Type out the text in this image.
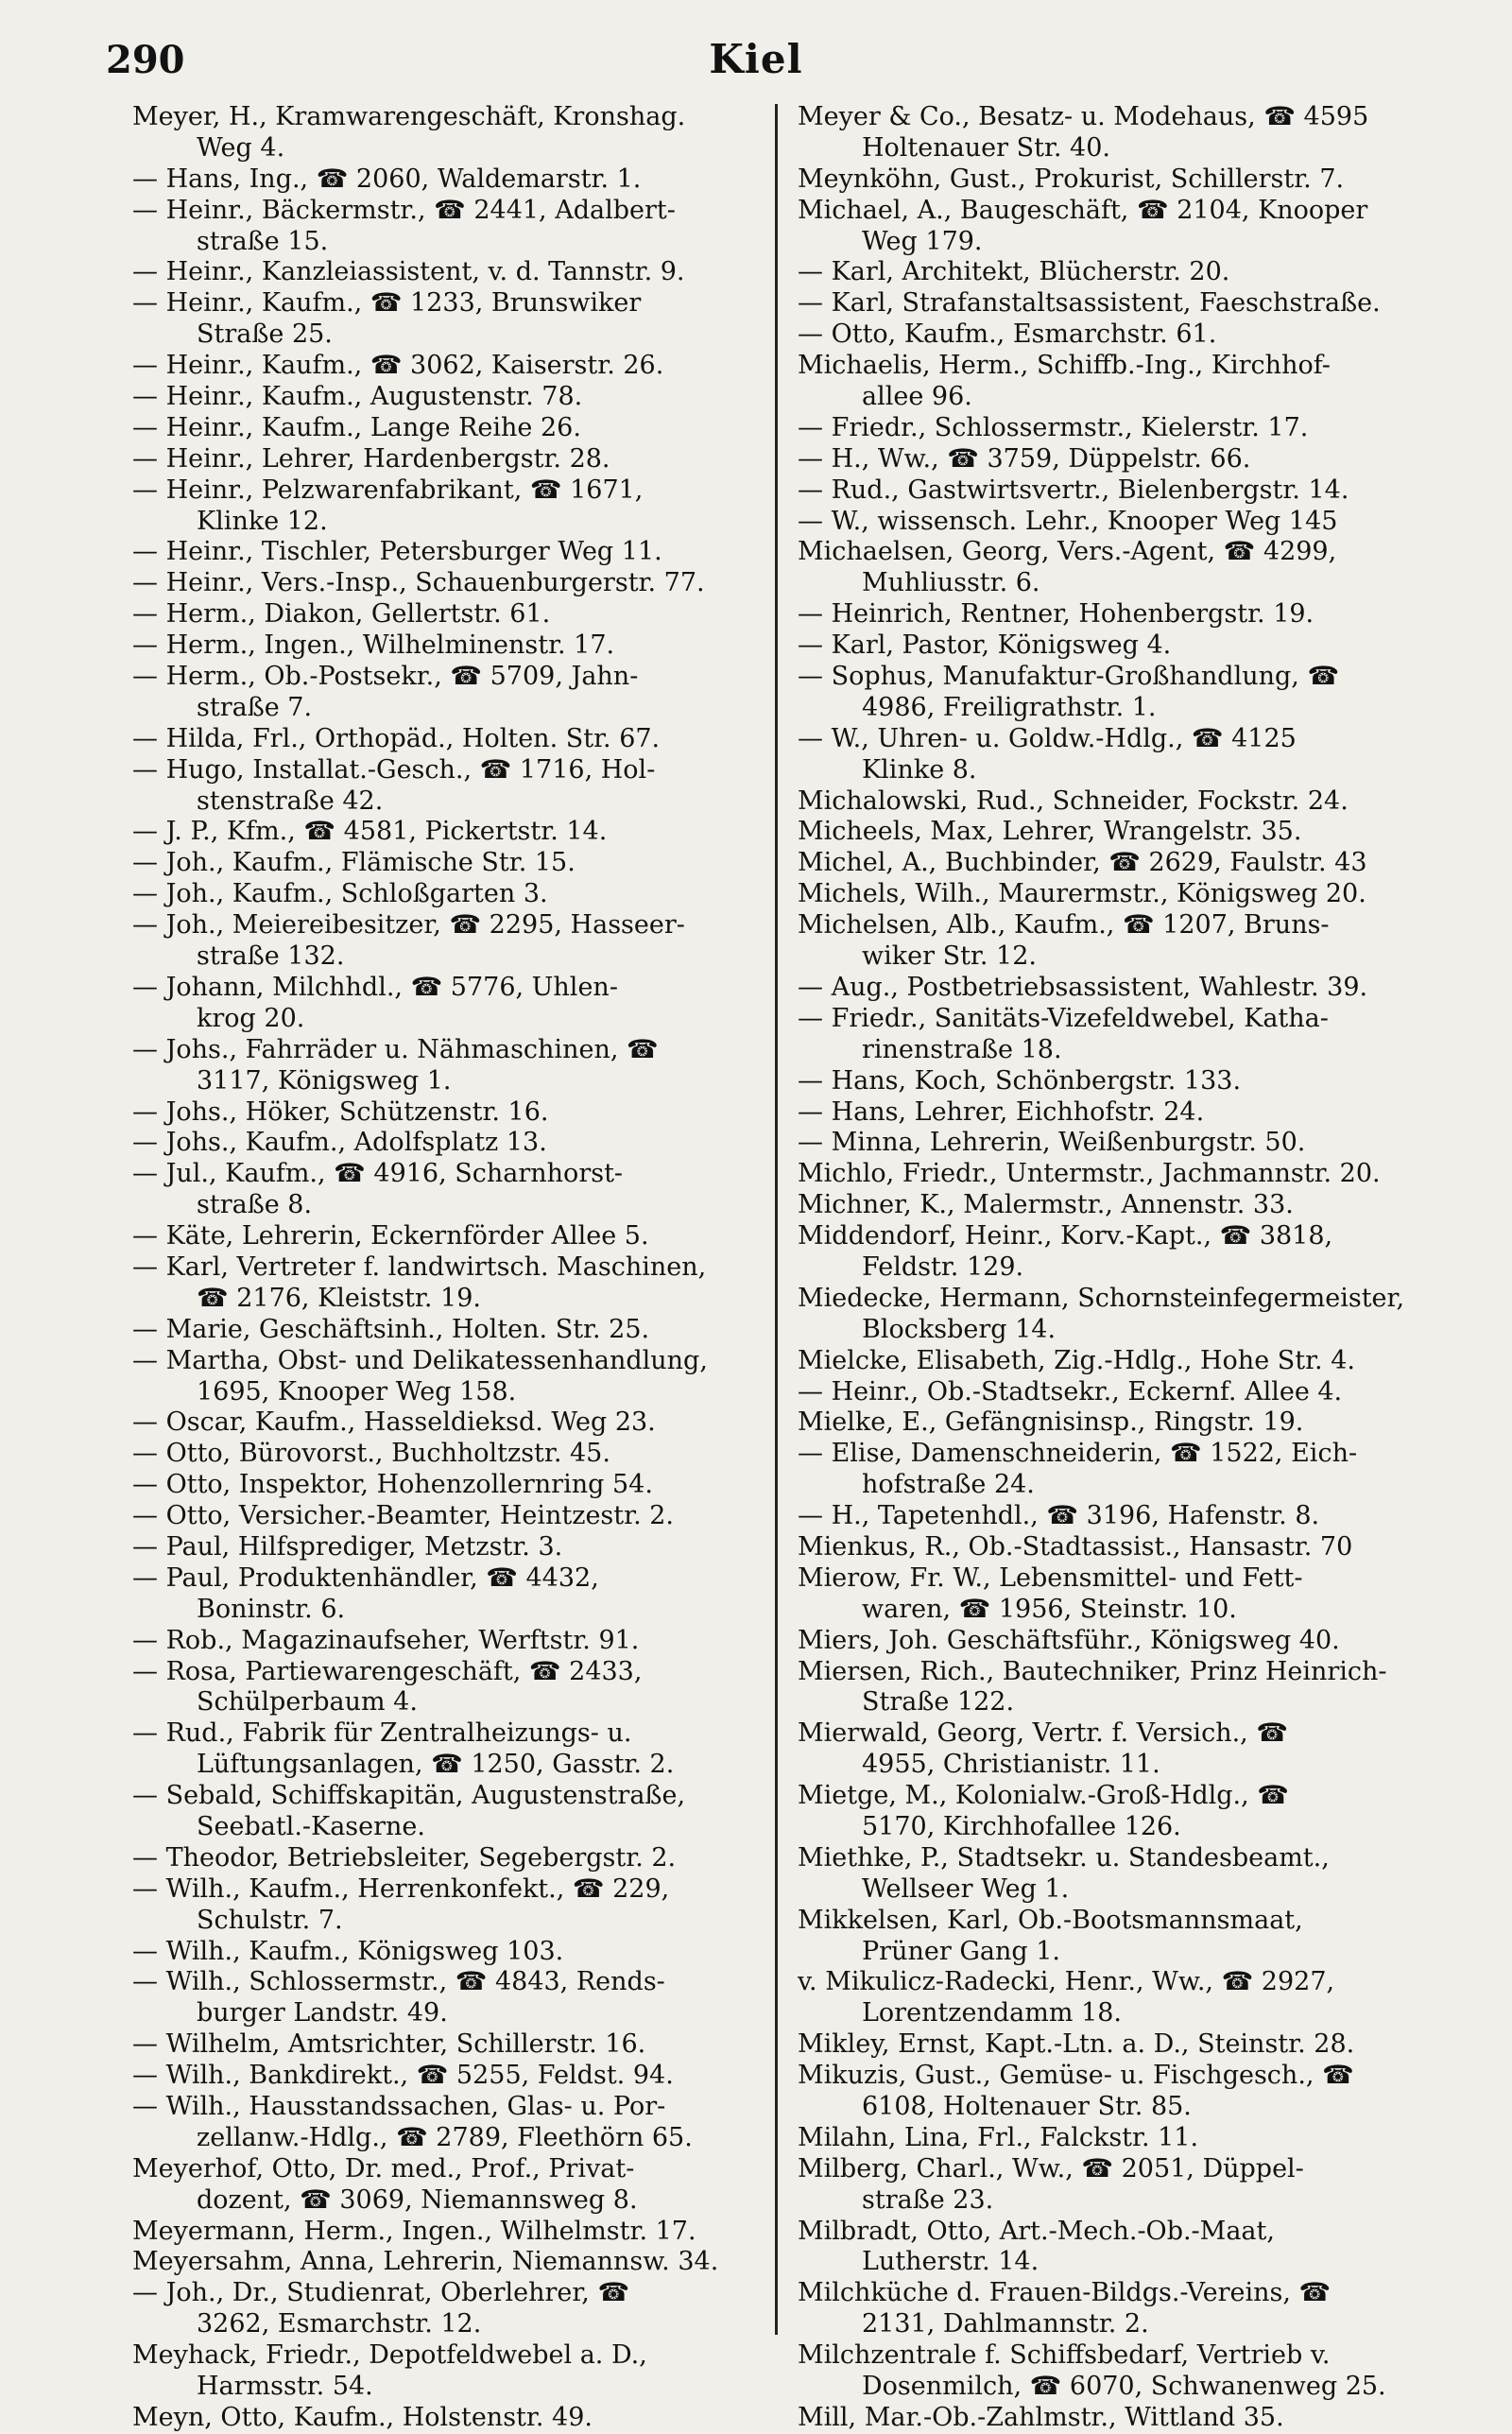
290	Kiel
Meyer, H., Kramwarengeschäft, Kronshag.
Weg 4.
— Hans, Ing., ☎ 2060, Waldemarstr. 1.
— Heinr., Bäckermstr., ☎ 2441, Adalbert-
straße 15.
— Heinr., Kanzleiassistent, v. d. Tannstr. 9.
— Heinr., Kaufm., ☎ 1233, Brunswiker
Straße 25.
— Heinr., Kaufm., ☎ 3062, Kaiserstr. 26.
— Heinr., Kaufm., Augustenstr. 78.
— Heinr., Kaufm., Lange Reihe 26.
— Heinr., Lehrer, Hardenbergstr. 28.
— Heinr., Pelzwarenfabrikant, ☎ 1671,
Klinke 12.
— Heinr., Tischler, Petersburger Weg 11.
— Heinr., Vers.-Insp., Schauenburgerstr. 77.
— Herm., Diakon, Gellertstr. 61.
— Herm., Ingen., Wilhelminenstr. 17.
— Herm., Ob.-Postsekr., ☎ 5709, Jahn-
straße 7.
— Hilda, Frl., Orthopäd., Holten. Str. 67.
— Hugo, Installat.-Gesch., ☎ 1716, Hol-
stenstraße 42.
— J. P., Kfm., ☎ 4581, Pickertstr. 14.
— Joh., Kaufm., Flämische Str. 15.
— Joh., Kaufm., Schloßgarten 3.
— Joh., Meiereibesitzer, ☎ 2295, Hasseer-
straße 132.
— Johann, Milchhdl., ☎ 5776, Uhlen-
krog 20.
— Johs., Fahrräder u. Nähmaschinen, ☎
3117, Königsweg 1.
— Johs., Höker, Schützenstr. 16.
— Johs., Kaufm., Adolfsplatz 13.
— Jul., Kaufm., ☎ 4916, Scharnhorst-
straße 8.
— Käte, Lehrerin, Eckernförder Allee 5.
— Karl, Vertreter f. landwirtsch. Maschinen,
☎ 2176, Kleiststr. 19.
— Marie, Geschäftsinh., Holten. Str. 25.
— Martha, Obst- und Delikatessenhandlung,
1695, Knooper Weg 158.
— Oscar, Kaufm., Hasseldieksd. Weg 23.
— Otto, Bürovorst., Buchholtzstr. 45.
— Otto, Inspektor, Hohenzollernring 54.
— Otto, Versicher.-Beamter, Heintzestr. 2.
— Paul, Hilfsprediger, Metzstr. 3.
— Paul, Produktenhändler, ☎ 4432,
Boninstr. 6.
— Rob., Magazinaufseher, Werftstr. 91.
— Rosa, Partiewarengeschäft, ☎ 2433,
Schülperbaum 4.
— Rud., Fabrik für Zentralheizungs- u.
Lüftungsanlagen, ☎ 1250, Gasstr. 2.
— Sebald, Schiffskapitän, Augustenstraße,
Seebatl.-Kaserne.
— Theodor, Betriebsleiter, Segebergstr. 2.
— Wilh., Kaufm., Herrenkonfekt., ☎ 229,
Schulstr. 7.
— Wilh., Kaufm., Königsweg 103.
— Wilh., Schlossermstr., ☎ 4843, Rends-
burger Landstr. 49.
— Wilhelm, Amtsrichter, Schillerstr. 16.
— Wilh., Bankdirekt., ☎ 5255, Feldst. 94.
— Wilh., Hausstandssachen, Glas- u. Por-
zellanw.-Hdlg., ☎ 2789, Fleethörn 65.
Meyerhof, Otto, Dr. med., Prof., Privat-
dozent, ☎ 3069, Niemannsweg 8.
Meyermann, Herm., Ingen., Wilhelmstr. 17.
Meyersahm, Anna, Lehrerin, Niemannsw. 34.
— Joh., Dr., Studienrat, Oberlehrer, ☎
3262, Esmarchstr. 12.
Meyhack, Friedr., Depotfeldwebel a. D.,
Harmsstr. 54.
Meyn, Otto, Kaufm., Holstenstr. 49.
Meyer & Co., Besatz- u. Modehaus, ☎ 4595
Holtenauer Str. 40.
Meynköhn, Gust., Prokurist, Schillerstr. 7.
Michael, A., Baugeschäft, ☎ 2104, Knooper
Weg 179.
— Karl, Architekt, Blücherstr. 20.
— Karl, Strafanstaltsassistent, Faeschstraße.
— Otto, Kaufm., Esmarchstr. 61.
Michaelis, Herm., Schiffb.-Ing., Kirchhof-
allee 96.
— Friedr., Schlossermstr., Kielerstr. 17.
— H., Ww., ☎ 3759, Düppelstr. 66.
— Rud., Gastwirtsvertr., Bielenbergstr. 14.
— W., wissensch. Lehr., Knooper Weg 145
Michaelsen, Georg, Vers.-Agent, ☎ 4299,
Muhliusstr. 6.
— Heinrich, Rentner, Hohenbergstr. 19.
— Karl, Pastor, Königsweg 4.
— Sophus, Manufaktur-Großhandlung, ☎
4986, Freiligrathstr. 1.
— W., Uhren- u. Goldw.-Hdlg., ☎ 4125
Klinke 8.
Michalowski, Rud., Schneider, Fockstr. 24.
Micheels, Max, Lehrer, Wrangelstr. 35.
Michel, A., Buchbinder, ☎ 2629, Faulstr. 43
Michels, Wilh., Maurermstr., Königsweg 20.
Michelsen, Alb., Kaufm., ☎ 1207, Bruns-
wiker Str. 12.
— Aug., Postbetriebsassistent, Wahlestr. 39.
— Friedr., Sanitäts-Vizefeldwebel, Katha-
rinenstraße 18.
— Hans, Koch, Schönbergstr. 133.
— Hans, Lehrer, Eichhofstr. 24.
— Minna, Lehrerin, Weißenburgstr. 50.
Michlo, Friedr., Untermstr., Jachmannstr. 20.
Michner, K., Malermstr., Annenstr. 33.
Middendorf, Heinr., Korv.-Kapt., ☎ 3818,
Feldstr. 129.
Miedecke, Hermann, Schornsteinfegermeister,
Blocksberg 14.
Mielcke, Elisabeth, Zig.-Hdlg., Hohe Str. 4.
— Heinr., Ob.-Stadtsekr., Eckernf. Allee 4.
Mielke, E., Gefängnisinsp., Ringstr. 19.
— Elise, Damenschneiderin, ☎ 1522, Eich-
hofstraße 24.
— H., Tapetenhdl., ☎ 3196, Hafenstr. 8.
Mienkus, R., Ob.-Stadtassist., Hansastr. 70
Mierow, Fr. W., Lebensmittel- und Fett-
waren, ☎ 1956, Steinstr. 10.
Miers, Joh. Geschäftsführ., Königsweg 40.
Miersen, Rich., Bautechniker, Prinz Heinrich-
Straße 122.
Mierwald, Georg, Vertr. f. Versich., ☎
4955, Christianistr. 11.
Mietge, M., Kolonialw.-Groß-Hdlg., ☎
5170, Kirchhofallee 126.
Miethke, P., Stadtsekr. u. Standesbeamt.,
Wellseer Weg 1.
Mikkelsen, Karl, Ob.-Bootsmannsmaat,
Prüner Gang 1.
v. Mikulicz-Radecki, Henr., Ww., ☎ 2927,
Lorentzendamm 18.
Mikley, Ernst, Kapt.-Ltn. a. D., Steinstr. 28.
Mikuzis, Gust., Gemüse- u. Fischgesch., ☎
6108, Holtenauer Str. 85.
Milahn, Lina, Frl., Falckstr. 11.
Milberg, Charl., Ww., ☎ 2051, Düppel-
straße 23.
Milbradt, Otto, Art.-Mech.-Ob.-Maat,
Lutherstr. 14.
Milchküche d. Frauen-Bildgs.-Vereins, ☎
2131, Dahlmannstr. 2.
Milchzentrale f. Schiffsbedarf, Vertrieb v.
Dosenmilch, ☎ 6070, Schwanenweg 25.
Mill, Mar.-Ob.-Zahlmstr., Wittland 35.
